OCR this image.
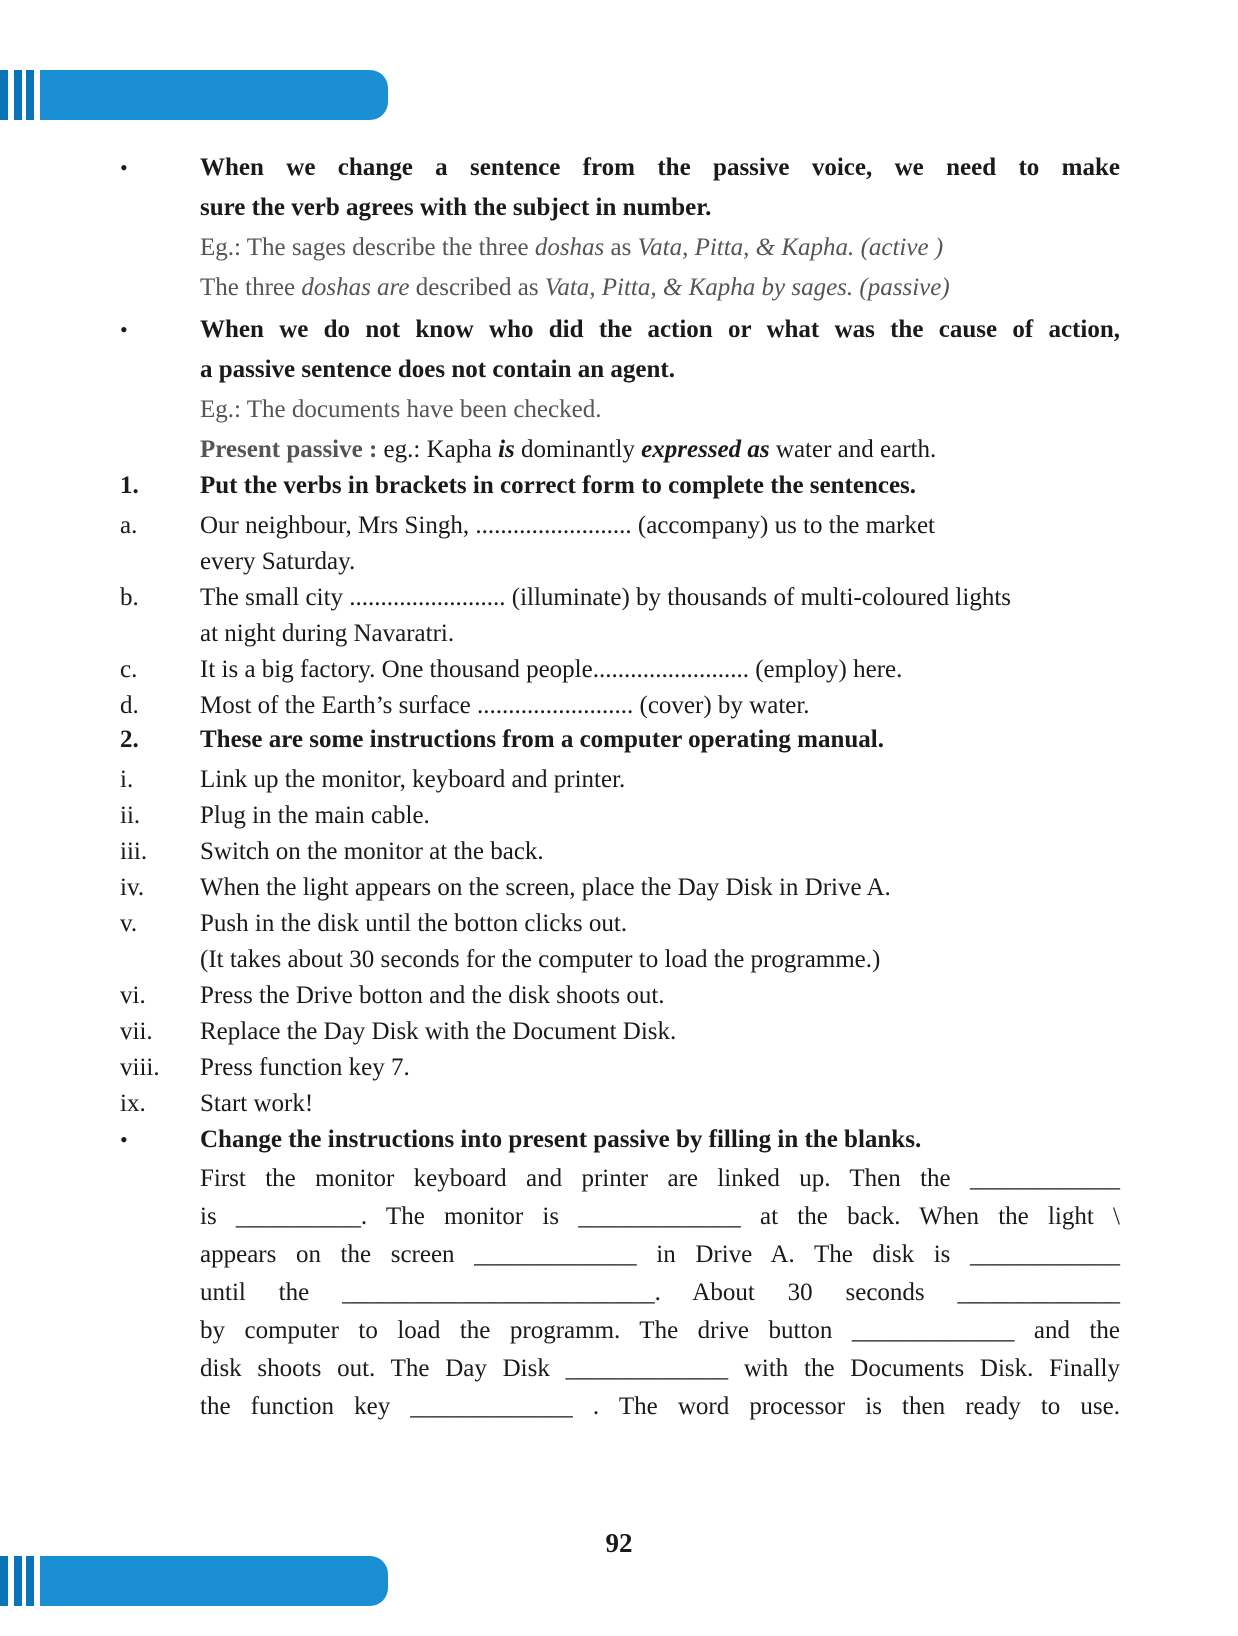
•	When we change a sentence from the passive voice, we need to make
sure the verb agrees with the subject in number.
Eg.: The sages describe the three doshas as Vata, Pitta, & Kapha. (active )
The three doshas are described as Vata, Pitta, & Kapha by sages. (passive)
•	When we do not know who did the action or what was the cause of action,
a passive sentence does not contain an agent.
Eg.: The documents have been checked.
Present passive : eg.: Kapha is dominantly expressed as water and earth.
1.	Put the verbs in brackets in correct form to complete the sentences.
a.	Our neighbour, Mrs Singh, ......................... (accompany) us to the market
every Saturday.
b.	The small city ......................... (illuminate) by thousands of multi-coloured lights
at night during Navaratri.
c.	It is a big factory. One thousand people......................... (employ) here.
d.	Most of the Earth’s surface ......................... (cover) by water.
2.	These are some instructions from a computer operating manual.
i.	Link up the monitor, keyboard and printer.
ii.	Plug in the main cable.
iii.	Switch on the monitor at the back.
iv.	When the light appears on the screen, place the Day Disk in Drive A.
v.	Push in the disk until the botton clicks out.
(It takes about 30 seconds for the computer to load the programme.)
vi.	Press the Drive botton and the disk shoots out.
vii.	Replace the Day Disk with the Document Disk.
viii.	Press function key 7.
ix.	Start work!
•	Change the instructions into present passive by filling in the blanks.
First the monitor keyboard and printer are linked up. Then the ____________
is __________. The monitor is _____________ at the back. When the light \
appears on the screen _____________ in Drive A. The disk is ____________
until the _________________________. About 30 seconds _____________
by computer to load the programm. The drive button _____________ and the
disk shoots out. The Day Disk _____________ with the Documents Disk. Finally
the function key _____________ . The word processor is then ready to use.
92
